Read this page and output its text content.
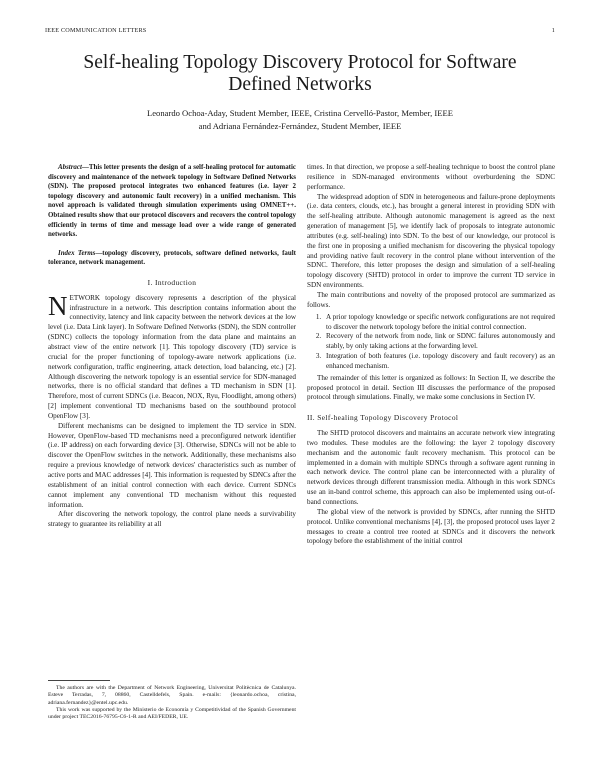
IEEE COMMUNICATION LETTERS	1
Self-healing Topology Discovery Protocol for Software Defined Networks
Leonardo Ochoa-Aday, Student Member, IEEE, Cristina Cervelló-Pastor, Member, IEEE
and Adriana Fernández-Fernández, Student Member, IEEE

Abstract—This letter presents the design of a self-healing protocol for automatic discovery and maintenance of the network topology in Software Defined Networks (SDN). The proposed protocol integrates two enhanced features (i.e. layer 2 topology discovery and autonomic fault recovery) in a unified mechanism. This novel approach is validated through simulation experiments using OMNET++. Obtained results show that our protocol discovers and recovers the control topology efficiently in terms of time and message load over a wide range of generated networks.

Index Terms—topology discovery, protocols, software defined networks, fault tolerance, network management.

I. Introduction

NETWORK topology discovery represents a description of the physical infrastructure in a network. This description contains information about the connectivity, latency and link capacity between the network devices at the low level (i.e. Data Link layer). In Software Defined Networks (SDN), the SDN controller (SDNC) collects the topology information from the data plane and maintains an abstract view of the entire network [1]. This topology discovery (TD) service is crucial for the proper functioning of topology-aware network applications (i.e. network configuration, traffic engineering, attack detection, load balancing, etc.) [2]. Although discovering the network topology is an essential service for SDN-managed networks, there is no official standard that defines a TD mechanism in SDN [1]. Therefore, most of current SDNCs (i.e. Beacon, NOX, Ryu, Floodlight, among others) [2] implement conventional TD mechanisms based on the southbound protocol OpenFlow [3].

Different mechanisms can be designed to implement the TD service in SDN. However, OpenFlow-based TD mechanisms need a preconfigured network identifier (i.e. IP address) on each forwarding device [3]. Otherwise, SDNCs will not be able to discover the OpenFlow switches in the network. Additionally, these mechanisms also require a previous knowledge of network devices' characteristics such as number of active ports and MAC addresses [4]. This information is requested by SDNCs after the establishment of an initial control connection with each device. Current SDNCs cannot implement any conventional TD mechanism without this requested information.

After discovering the network topology, the control plane needs a survivability strategy to guarantee its reliability at all

The authors are with the Department of Network Engineering, Universitat Politècnica de Catalunya. Esteve Terradas, 7, 08860, Castelldefels, Spain. e-mails: {leonardo.ochoa, cristina, adriana.fernandez}@entel.upc.edu.

This work was supported by the Ministerio de Economía y Competitividad of the Spanish Government under project TEC2016-76795-C6-1-R and AEI/FEDER, UE.

times. In that direction, we propose a self-healing technique to boost the control plane resilience in SDN-managed environments without overburdening the SDNC performance.

The widespread adoption of SDN in heterogeneous and failure-prone deployments (i.e. data centers, clouds, etc.), has brought a general interest in providing SDN with the self-healing attribute. Although autonomic management is agreed as the next generation of management [5], we identify lack of proposals to integrate autonomic attributes (e.g. self-healing) into SDN. To the best of our knowledge, our protocol is the first one in proposing a unified mechanism for discovering the physical topology and providing native fault recovery in the control plane without intervention of the SDNC. Therefore, this letter proposes the design and simulation of a self-healing topology discovery (SHTD) protocol in order to improve the current TD service in SDN environments.

The main contributions and novelty of the proposed protocol are summarized as follows.

1. A prior topology knowledge or specific network configurations are not required to discover the network topology before the initial control connection.
2. Recovery of the network from node, link or SDNC failures autonomously and stably, by only taking actions at the forwarding level.
3. Integration of both features (i.e. topology discovery and fault recovery) as an enhanced mechanism.

The remainder of this letter is organized as follows: In Section II, we describe the proposed protocol in detail. Section III discusses the performance of the proposed protocol through simulations. Finally, we make some conclusions in Section IV.

II. Self-healing Topology Discovery Protocol

The SHTD protocol discovers and maintains an accurate network view integrating two modules. These modules are the following: the layer 2 topology discovery mechanism and the autonomic fault recovery mechanism. This protocol can be implemented in a domain with multiple SDNCs through a software agent running in each network device. The control plane can be interconnected with a plurality of network devices through different transmission media. Although in this work SDNCs use an in-band control scheme, this approach can also be implemented using out-of-band connections.

The global view of the network is provided by SDNCs, after running the SHTD protocol. Unlike conventional mechanisms [4], [3], the proposed protocol uses layer 2 messages to create a control tree rooted at SDNCs and it discovers the network topology before the establishment of the initial control
